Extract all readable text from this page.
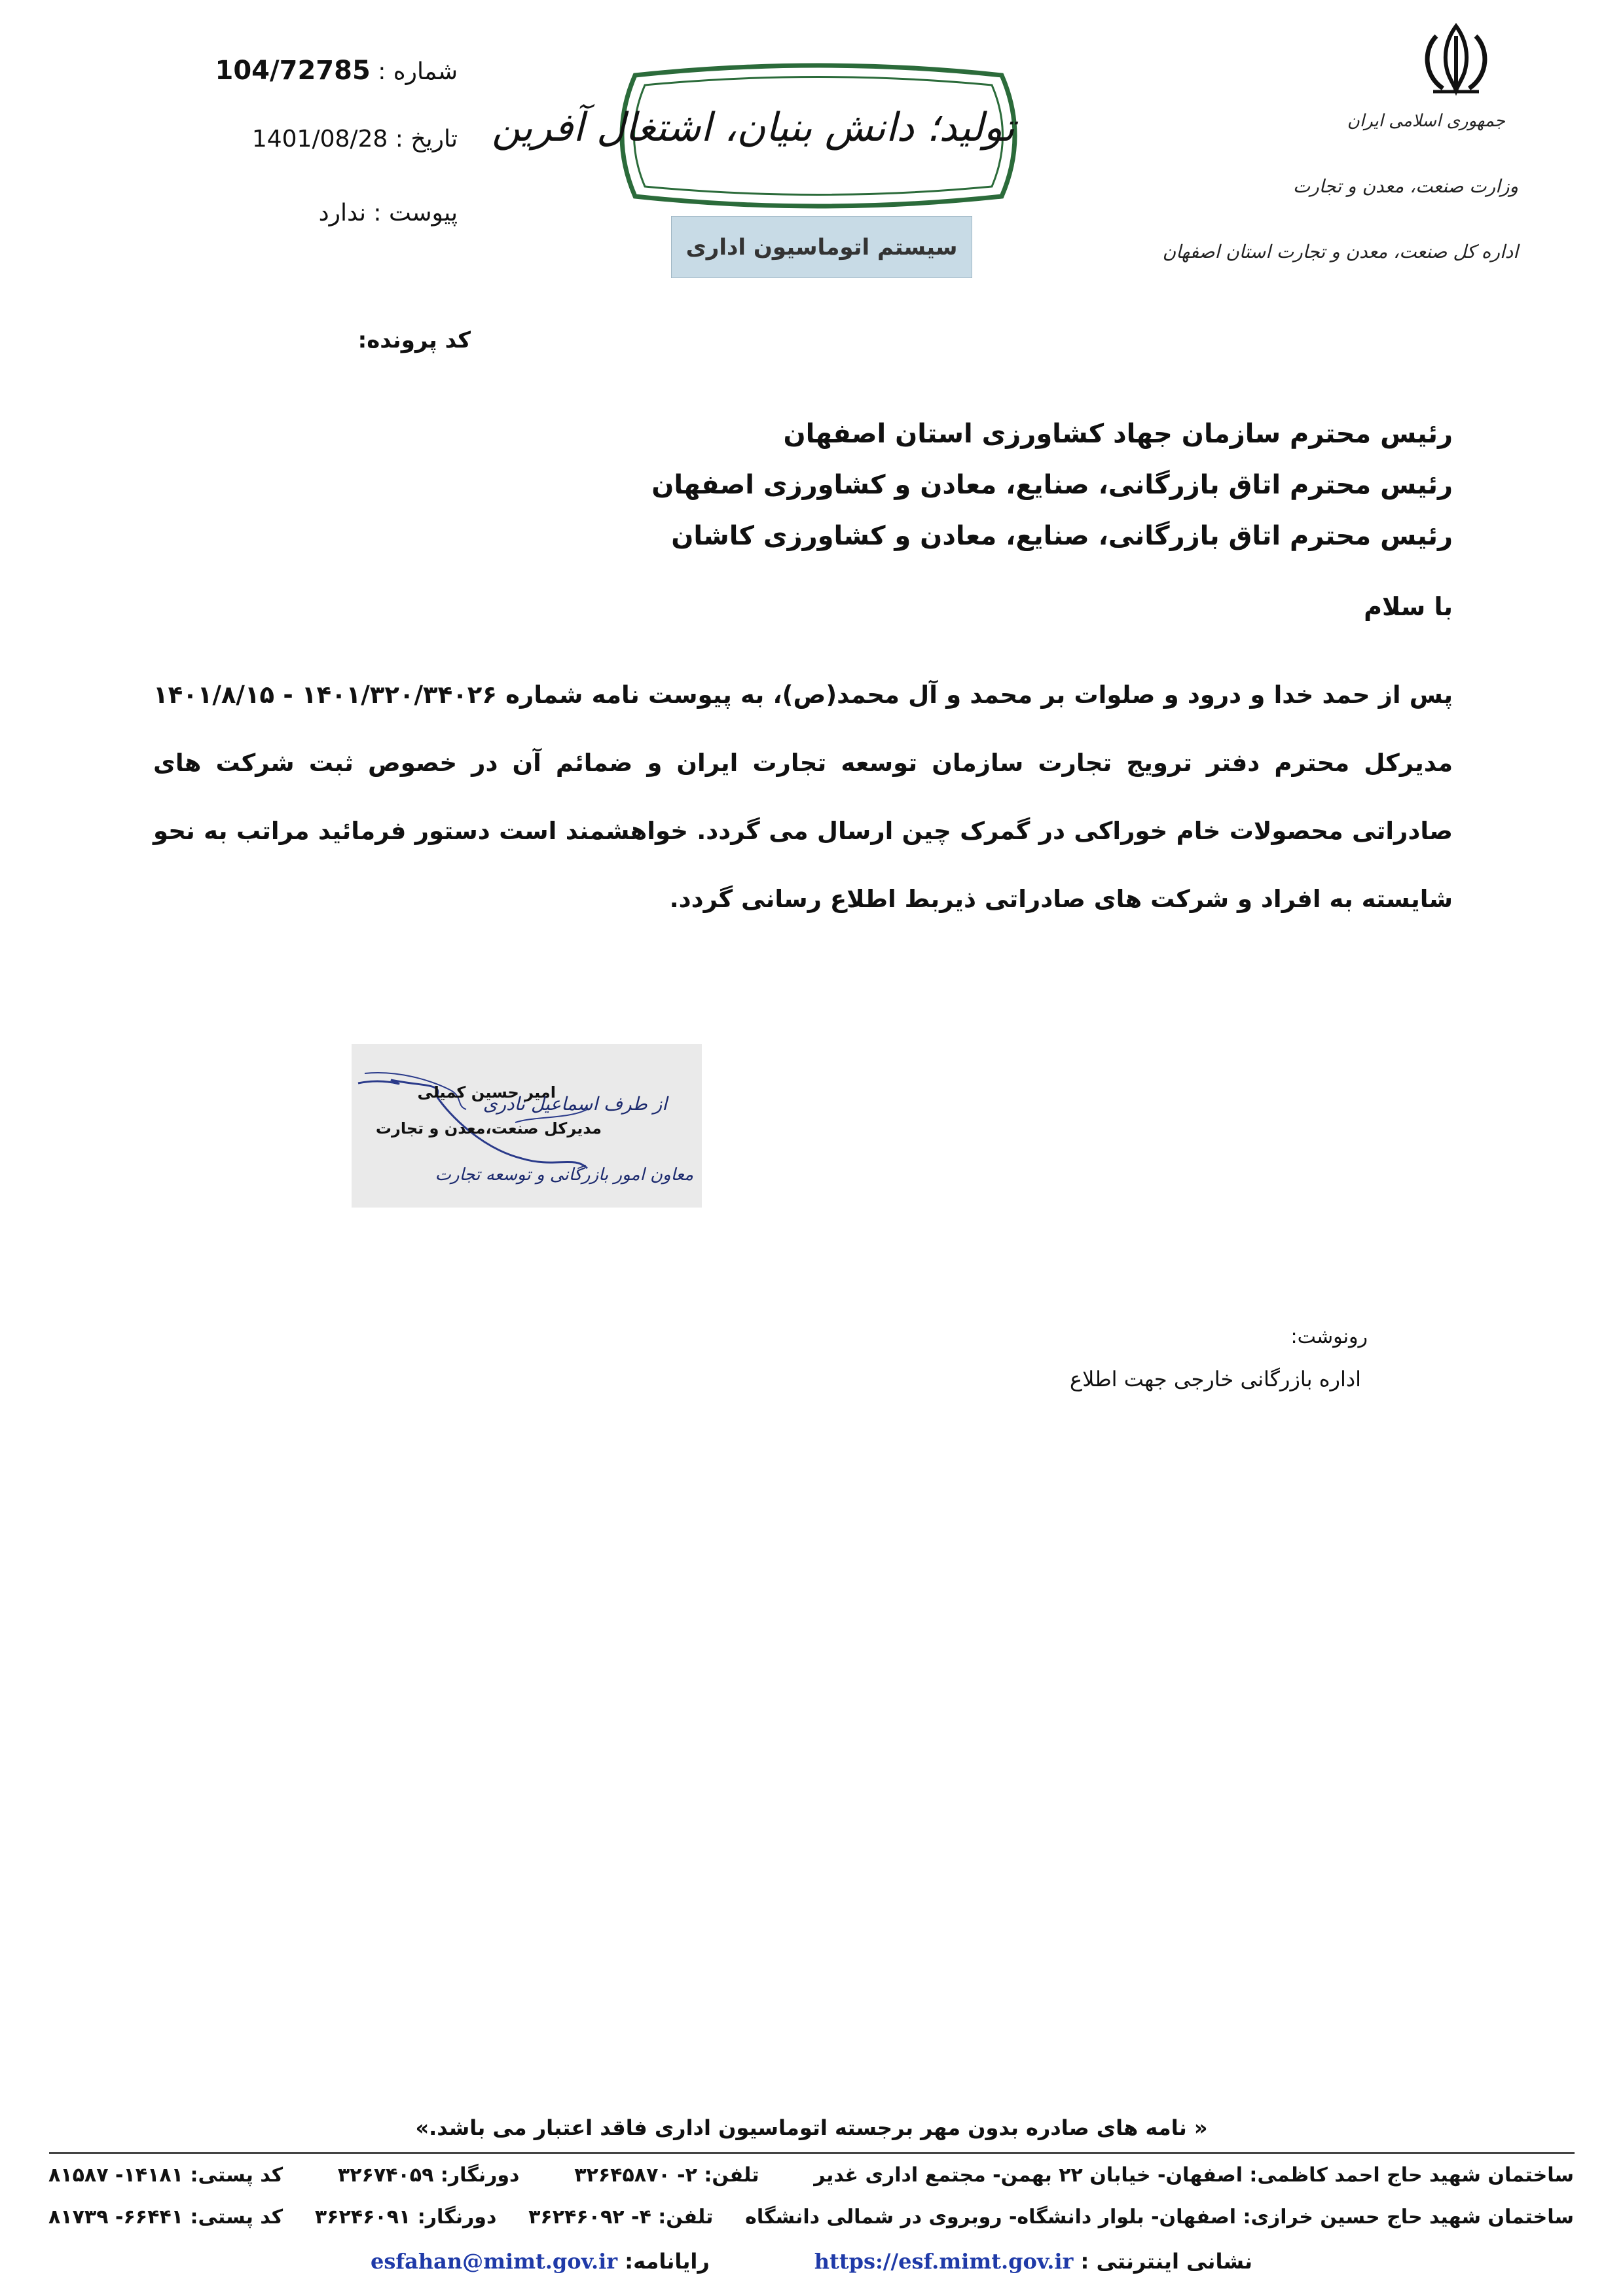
جمهوری اسلامی ایران
وزارت صنعت، معدن و تجارت
اداره کل صنعت، معدن و تجارت استان اصفهان
تولید؛ دانش بنیان، اشتغال آفرین
سیستم اتوماسیون اداری
شماره : 104/72785
تاریخ : 1401/08/28
پیوست : ندارد
کد پرونده:
رئیس محترم سازمان جهاد کشاورزی استان اصفهان
رئیس محترم اتاق بازرگانی، صنایع، معادن و کشاورزی اصفهان
رئیس محترم اتاق بازرگانی، صنایع، معادن و کشاورزی کاشان
با سلام
پس از حمد خدا و درود و صلوات بر محمد و آل محمد(ص)، به پیوست نامه شماره ۱۴۰۱/۳۲۰/۳۴۰۲۶ - ۱۴۰۱/۸/۱۵ مدیرکل محترم دفتر ترویج تجارت سازمان توسعه تجارت ایران و ضمائم آن در خصوص ثبت شرکت های صادراتی محصولات خام خوراکی در گمرک چین ارسال می گردد. خواهشمند است دستور فرمائید مراتب به نحو شایسته به افراد و شرکت های صادراتی ذیربط اطلاع رسانی گردد.
امیر حسین کمیلی
مدیرکل صنعت،معدن و تجارت
از طرف اسماعیل نادری
معاون امور بازرگانی و توسعه تجارت
رونوشت:
اداره بازرگانی خارجی جهت اطلاع
« نامه های صادره بدون مهر برجسته اتوماسیون اداری فاقد اعتبار می باشد.»
ساختمان شهید حاج احمد کاظمی: اصفهان- خیابان ۲۲ بهمن- مجتمع اداری غدیر
تلفن: ۲- ۳۲۶۴۵۸۷۰
دورنگار: ۳۲۶۷۴۰۵۹
کد پستی: ۱۴۱۸۱- ۸۱۵۸۷
ساختمان شهید حاج حسین خرازی: اصفهان- بلوار دانشگاه- روبروی در شمالی دانشگاه
تلفن: ۴- ۳۶۲۴۶۰۹۲
دورنگار: ۳۶۲۴۶۰۹۱
کد پستی: ۶۶۴۴۱- ۸۱۷۳۹
نشانی اینترنتی : https://esf.mimt.gov.ir
رایانامه: esfahan@mimt.gov.ir
